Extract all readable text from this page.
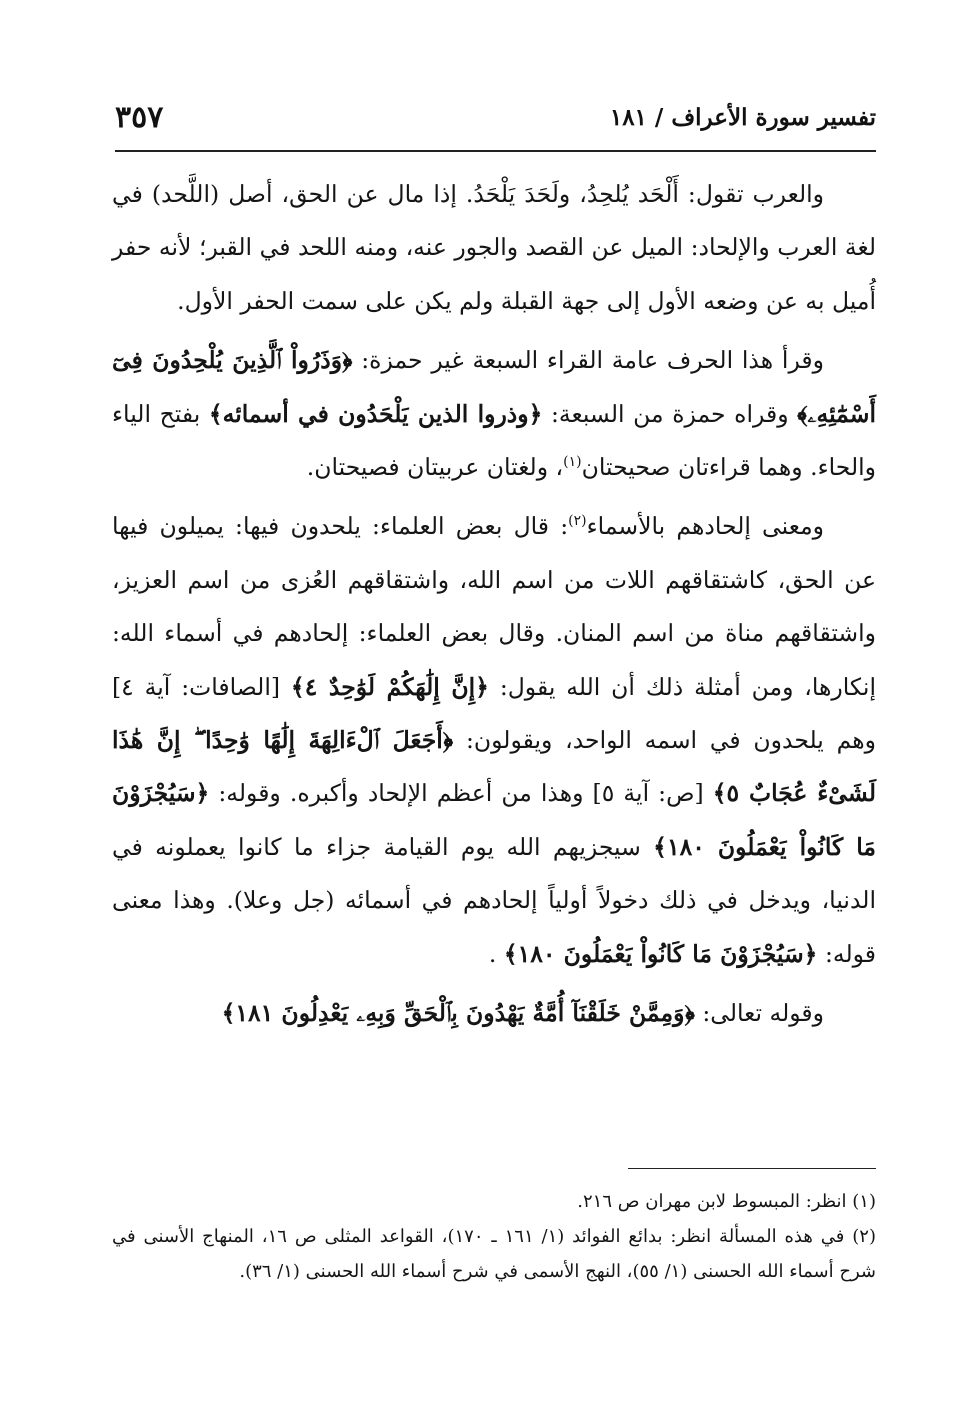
٣٥٧	تفسير سورة الأعراف / ١٨١

والعرب تقول: أَلْحَد يُلحِدُ، ولَحَدَ يَلْحَدُ. إذا مال عن الحق، أصل (اللَّحد) في لغة العرب والإلحاد: الميل عن القصد والجور عنه، ومنه اللحد في القبر؛ لأنه حفر أُميل به عن وضعه الأول إلى جهة القبلة ولم يكن على سمت الحفر الأول.

وقرأ هذا الحرف عامة القراء السبعة غير حمزة: ﴿وَذَرُواْ ٱلَّذِينَ يُلْحِدُونَ فِىٓ أَسْمَٰٓئِهِۦ﴾ وقراه حمزة من السبعة: ﴿وذروا الذين يَلْحَدُون في أسمائه﴾ بفتح الياء والحاء. وهما قراءتان صحيحتان$^{(١)}$، ولغتان عربيتان فصيحتان.

ومعنى إلحادهم بالأسماء$^{(٢)}$: قال بعض العلماء: يلحدون فيها: يميلون فيها عن الحق، كاشتقاقهم اللات من اسم الله، واشتقاقهم العُزى من اسم العزيز، واشتقاقهم مناة من اسم المنان. وقال بعض العلماء: إلحادهم في أسماء الله: إنكارها، ومن أمثلة ذلك أن الله يقول: ﴿إِنَّ إِلَٰهَكُمْ لَوَٰحِدٌ ٤﴾ [الصافات: آية ٤] وهم يلحدون في اسمه الواحد، ويقولون: ﴿أَجَعَلَ ٱلْءَالِهَةَ إِلَٰهًا وَٰحِدًا ۖ إِنَّ هَٰذَا لَشَىْءٌ عُجَابٌ ٥﴾ [ص: آية ٥] وهذا من أعظم الإلحاد وأكبره. وقوله: ﴿سَيُجْزَوْنَ مَا كَانُواْ يَعْمَلُونَ ١٨٠﴾ سيجزيهم الله يوم القيامة جزاء ما كانوا يعملونه في الدنيا، ويدخل في ذلك دخولاً أولياً إلحادهم في أسمائه (جل وعلا). وهذا معنى قوله: ﴿سَيُجْزَوْنَ مَا كَانُواْ يَعْمَلُونَ ١٨٠﴾ .

وقوله تعالى: ﴿وَمِمَّنْ خَلَقْنَآ أُمَّةٌ يَهْدُونَ بِٱلْحَقِّ وَبِهِۦ يَعْدِلُونَ ١٨١﴾

(١) انظر: المبسوط لابن مهران ص ٢١٦.

(٢) في هذه المسألة انظر: بدائع الفوائد (١/ ١٦١ ـ ١٧٠)، القواعد المثلى ص ١٦، المنهاج الأسنى في شرح أسماء الله الحسنى (١/ ٥٥)، النهج الأسمى في شرح أسماء الله الحسنى (١/ ٣٦).
